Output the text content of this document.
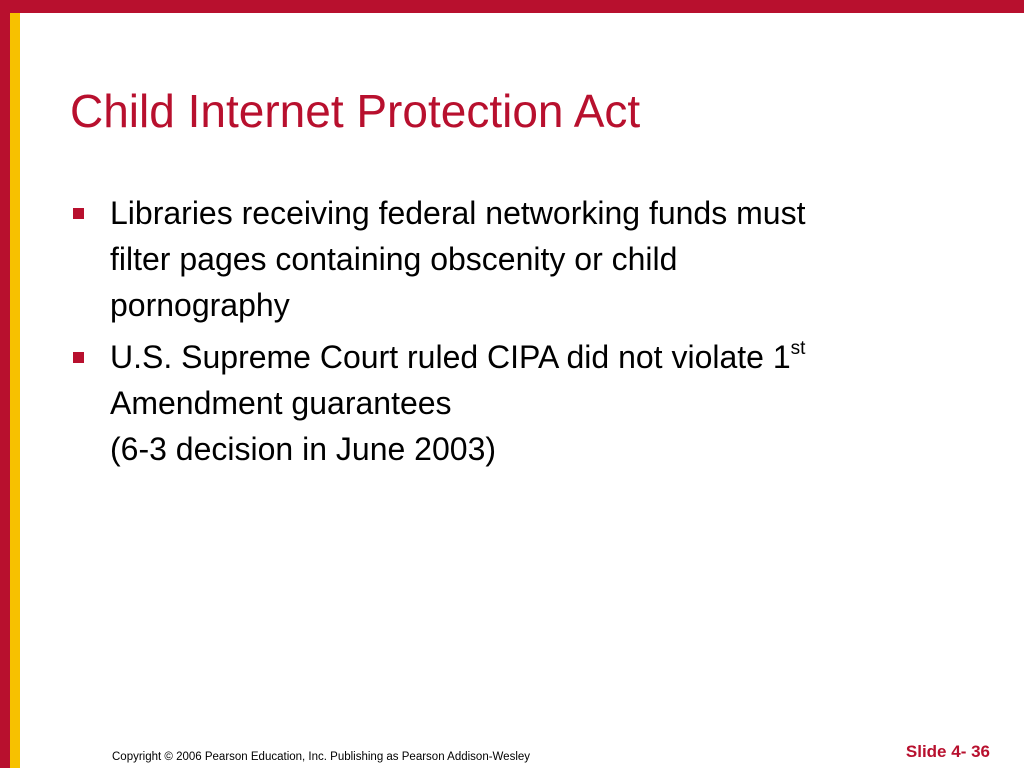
Child Internet Protection Act
Libraries receiving federal networking funds must
filter pages containing obscenity or child
pornography
U.S. Supreme Court ruled CIPA did not violate 1st
Amendment guarantees
(6-3 decision in June 2003)
Copyright © 2006 Pearson Education, Inc. Publishing as Pearson Addison-Wesley	Slide 4- 36
